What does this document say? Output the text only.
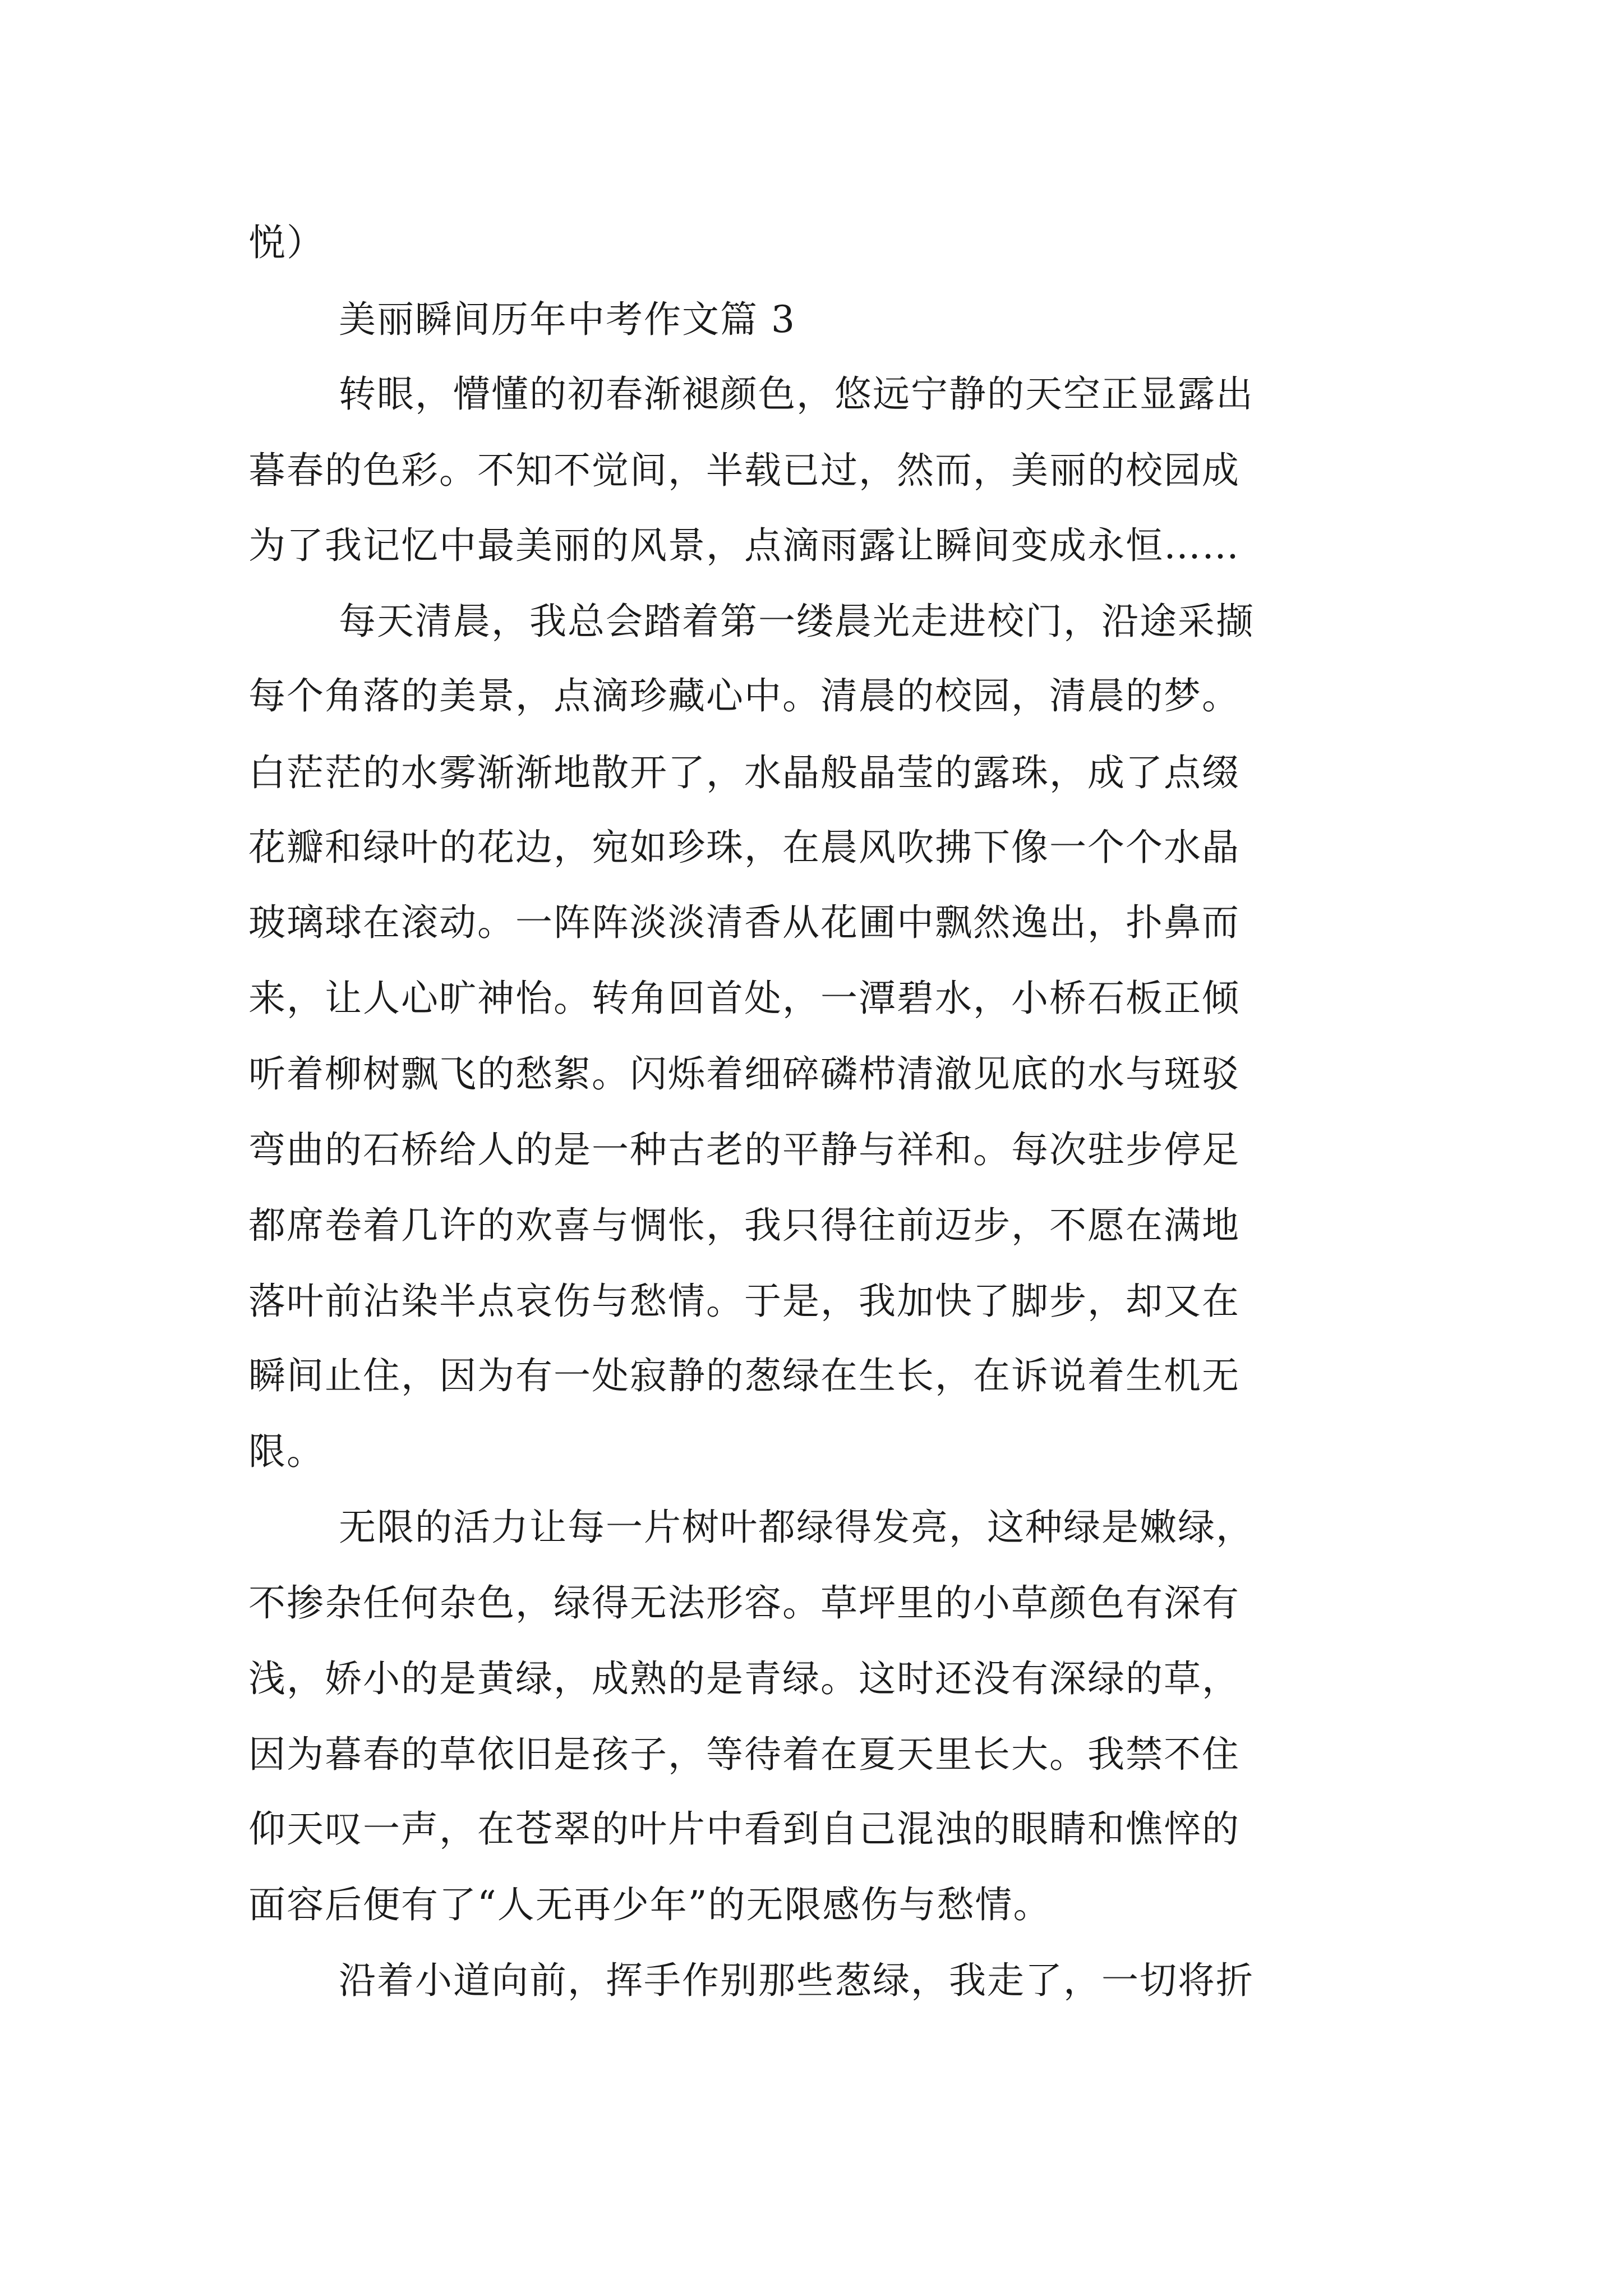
悦）
美丽瞬间历年中考作文篇 3
转眼，懵懂的初春渐褪颜色，悠远宁静的天空正显露出
暮春的色彩。不知不觉间，半载已过，然而，美丽的校园成
为了我记忆中最美丽的风景，点滴雨露让瞬间变成永恒……
每天清晨，我总会踏着第一缕晨光走进校门，沿途采撷
每个角落的美景，点滴珍藏心中。清晨的校园，清晨的梦。
白茫茫的水雾渐渐地散开了，水晶般晶莹的露珠，成了点缀
花瓣和绿叶的花边，宛如珍珠，在晨风吹拂下像一个个水晶
玻璃球在滚动。一阵阵淡淡清香从花圃中飘然逸出，扑鼻而
来，让人心旷神怡。转角回首处，一潭碧水，小桥石板正倾
听着柳树飘飞的愁絮。闪烁着细碎磷栉清澈见底的水与斑驳
弯曲的石桥给人的是一种古老的平静与祥和。每次驻步停足
都席卷着几许的欢喜与惆怅，我只得往前迈步，不愿在满地
落叶前沾染半点哀伤与愁情。于是，我加快了脚步，却又在
瞬间止住，因为有一处寂静的葱绿在生长，在诉说着生机无
限。
无限的活力让每一片树叶都绿得发亮，这种绿是嫩绿，
不掺杂任何杂色，绿得无法形容。草坪里的小草颜色有深有
浅，娇小的是黄绿，成熟的是青绿。这时还没有深绿的草，
因为暮春的草依旧是孩子，等待着在夏天里长大。我禁不住
仰天叹一声，在苍翠的叶片中看到自己混浊的眼睛和憔悴的
面容后便有了“人无再少年”的无限感伤与愁情。
沿着小道向前，挥手作别那些葱绿，我走了，一切将折
